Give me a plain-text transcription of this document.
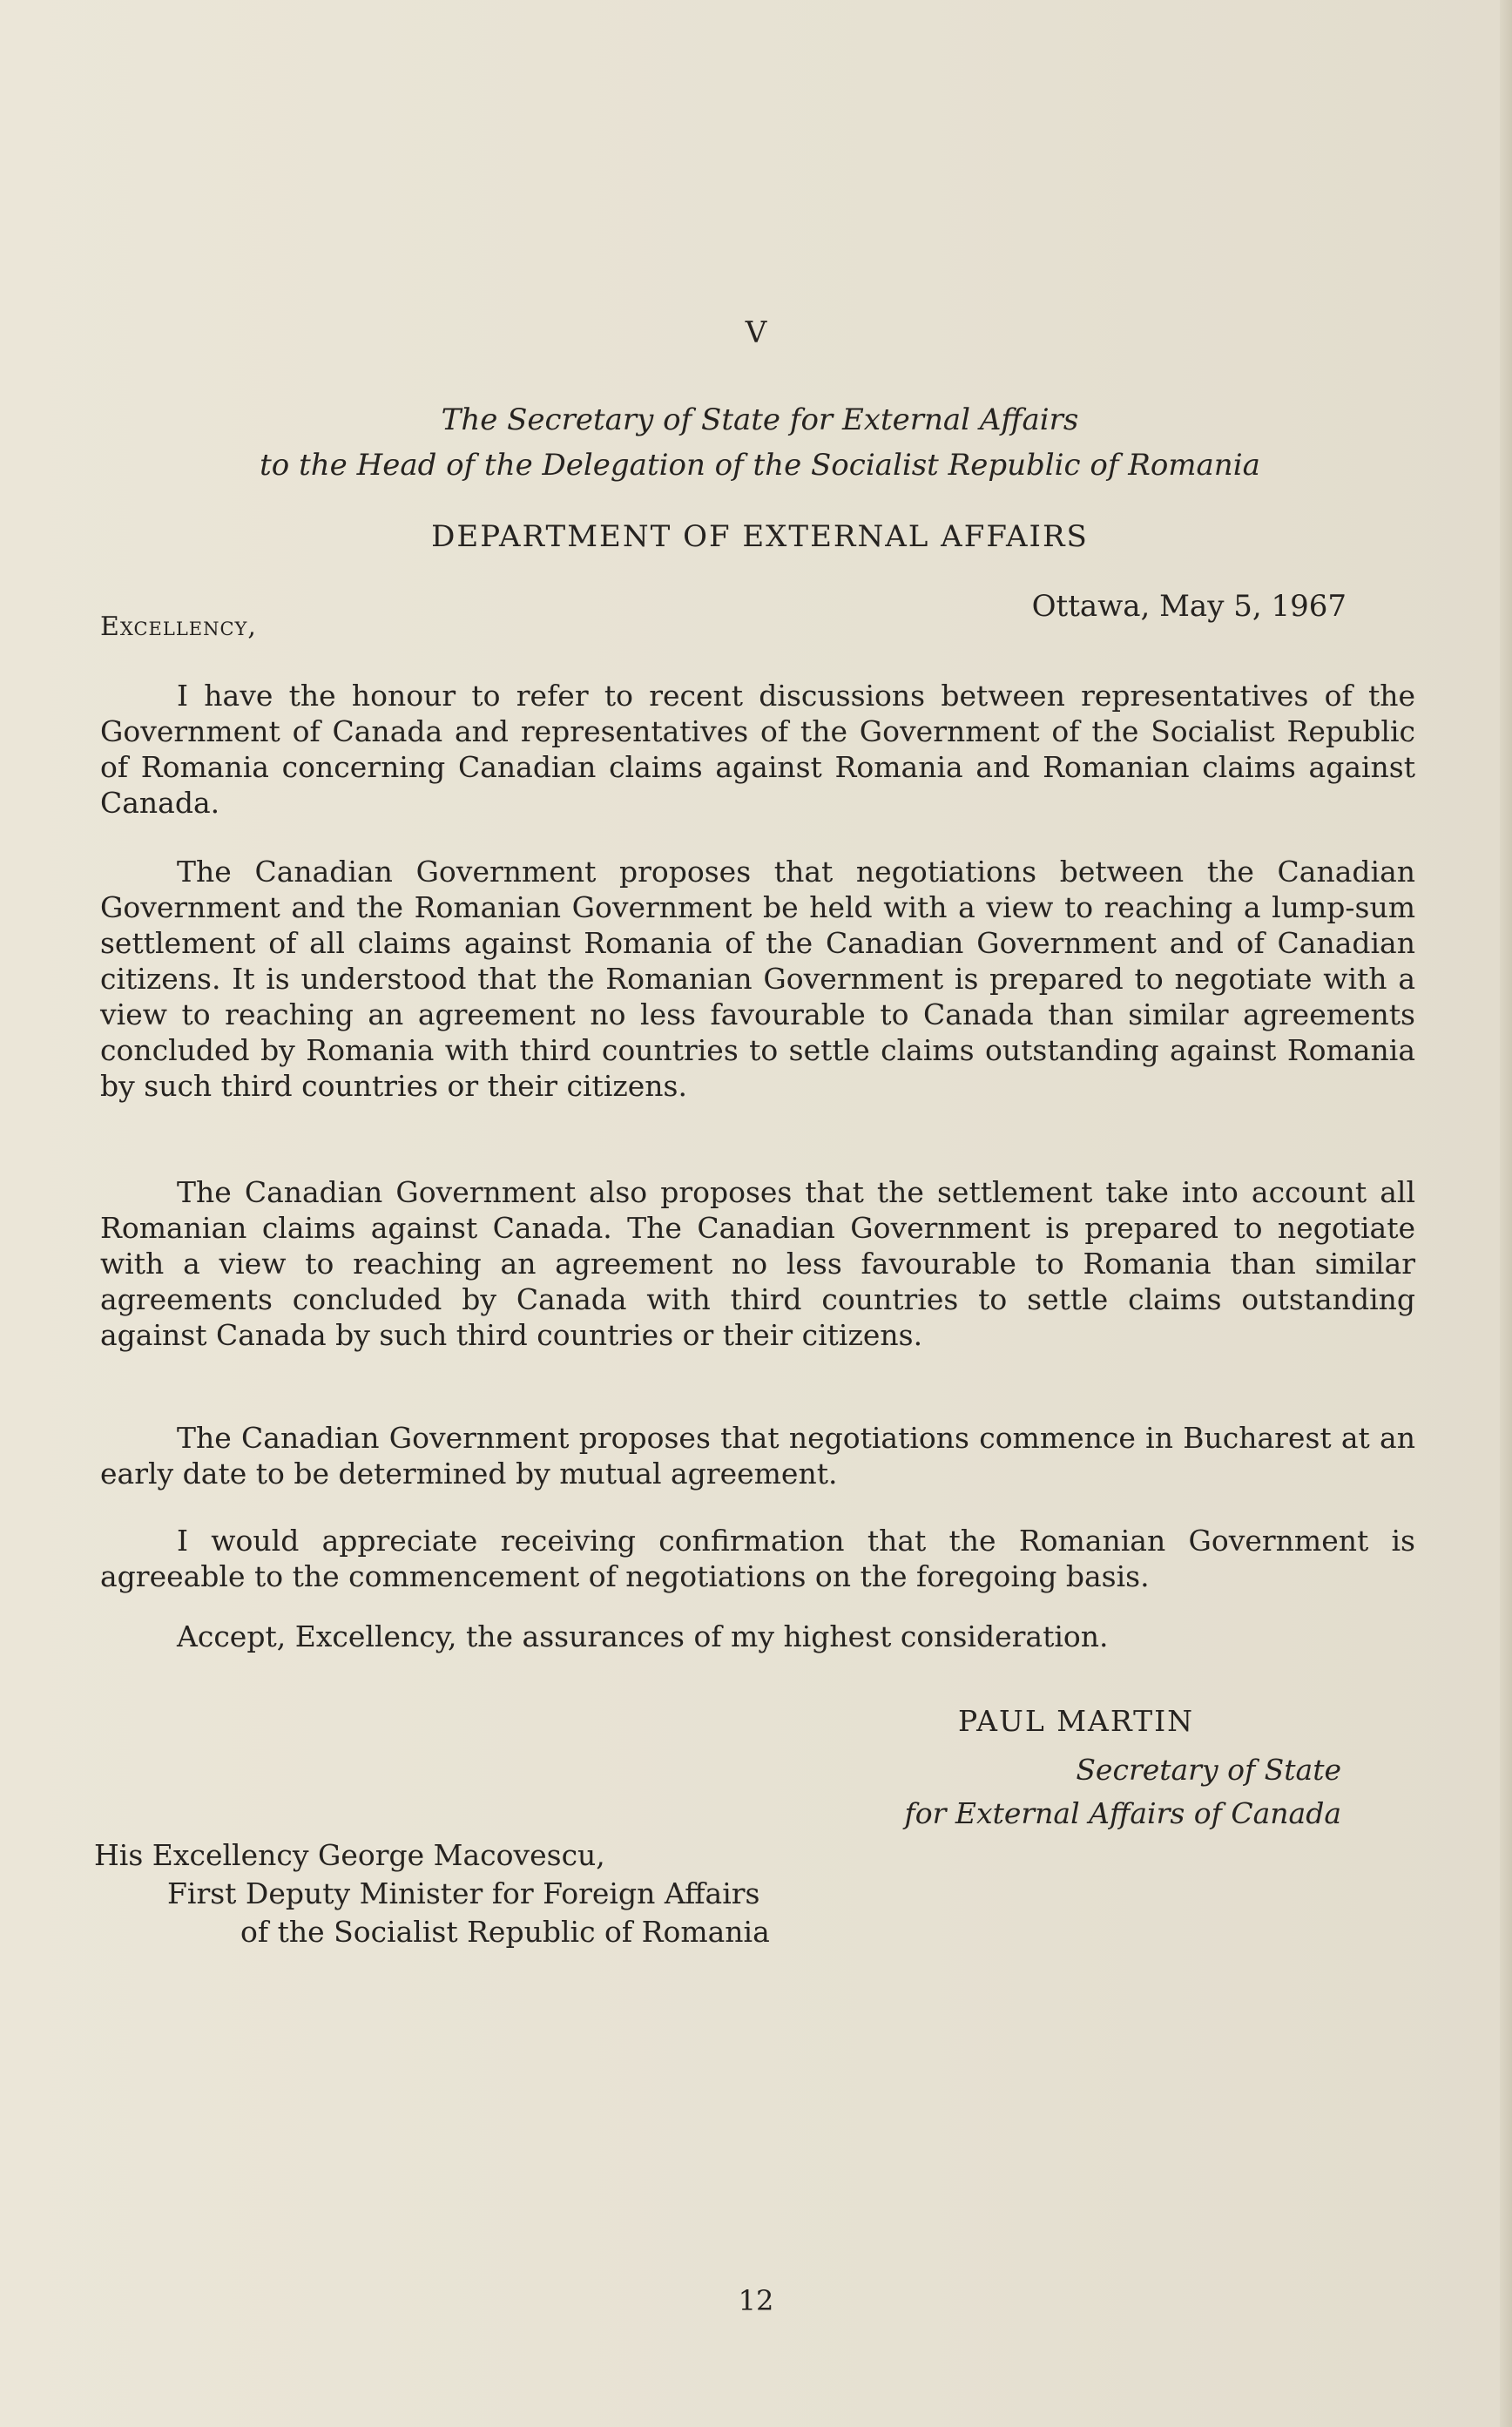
V
The Secretary of State for External Affairs
to the Head of the Delegation of the Socialist Republic of Romania
DEPARTMENT OF EXTERNAL AFFAIRS
Ottawa, May 5, 1967
Excellency,

I have the honour to refer to recent discussions between representatives of the Government of Canada and representatives of the Government of the Socialist Republic of Romania concerning Canadian claims against Romania and Romanian claims against Canada.

The Canadian Government proposes that negotiations between the Canadian Government and the Romanian Government be held with a view to reaching a lump-sum settlement of all claims against Romania of the Canadian Government and of Canadian citizens. It is understood that the Romanian Government is prepared to negotiate with a view to reaching an agreement no less favourable to Canada than similar agreements concluded by Romania with third countries to settle claims outstanding against Romania by such third countries or their citizens.

The Canadian Government also proposes that the settlement take into account all Romanian claims against Canada. The Canadian Government is prepared to negotiate with a view to reaching an agreement no less favourable to Romania than similar agreements concluded by Canada with third countries to settle claims outstanding against Canada by such third countries or their citizens.

The Canadian Government proposes that negotiations commence in Bucharest at an early date to be determined by mutual agreement.

I would appreciate receiving confirmation that the Romanian Government is agreeable to the commencement of negotiations on the foregoing basis.

Accept, Excellency, the assurances of my highest consideration.

PAUL MARTIN
Secretary of State
for External Affairs of Canada
His Excellency George Macovescu,
First Deputy Minister for Foreign Affairs
of the Socialist Republic of Romania
12
